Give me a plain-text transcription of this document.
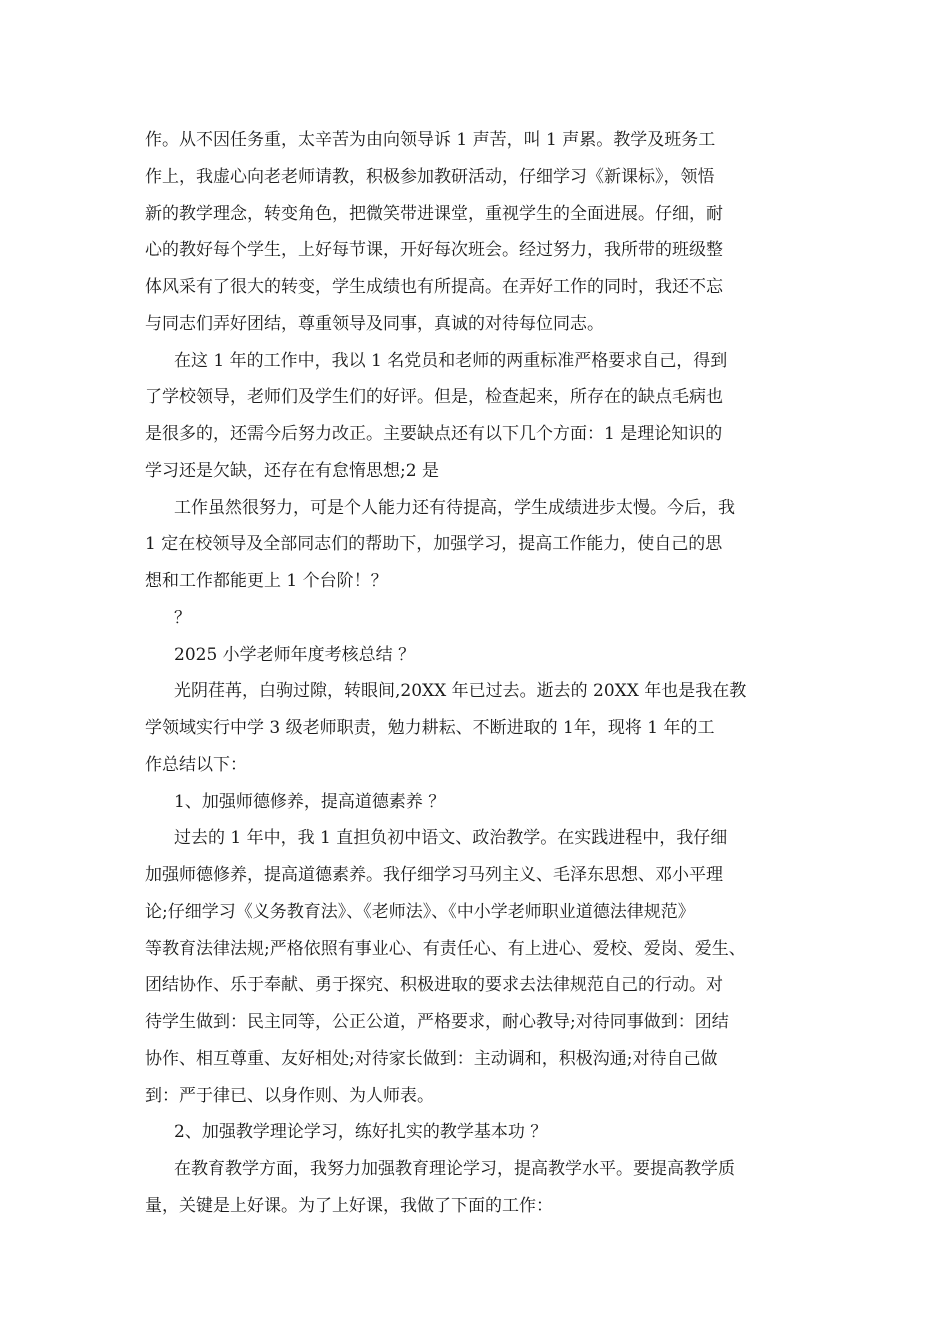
作。从不因任务重，太辛苦为由向领导诉 1 声苦，叫 1 声累。教学及班务工
作上，我虚心向老老师请教，积极参加教研活动，仔细学习《新课标》，领悟
新的教学理念，转变角色，把微笑带进课堂，重视学生的全面进展。仔细，耐
心的教好每个学生，上好每节课，开好每次班会。经过努力，我所带的班级整
体风采有了很大的转变，学生成绩也有所提高。在弄好工作的同时，我还不忘
与同志们弄好团结，尊重领导及同事，真诚的对待每位同志。
在这 1 年的工作中，我以 1 名党员和老师的两重标准严格要求自己，得到
了学校领导，老师们及学生们的好评。但是，检查起来，所存在的缺点毛病也
是很多的，还需今后努力改正。主要缺点还有以下几个方面：1 是理论知识的
学习还是欠缺，还存在有怠惰思想;2 是
工作虽然很努力，可是个人能力还有待提高，学生成绩进步太慢。今后，我
1 定在校领导及全部同志们的帮助下，加强学习，提高工作能力，使自己的思
想和工作都能更上 1 个台阶！？
？
2025 小学老师年度考核总结 ？
光阴荏苒，白驹过隙，转眼间,20XX 年已过去。逝去的 20XX 年也是我在教
学领域实行中学 3 级老师职责，勉力耕耘、不断进取的 1年，现将 1 年的工
作总结以下：
1、加强师德修养，提高道德素养 ？
过去的 1 年中，我 1 直担负初中语文、政治教学。在实践进程中，我仔细
加强师德修养，提高道德素养。我仔细学习马列主义、毛泽东思想、邓小平理
论;仔细学习《义务教育法》、《老师法》、《中小学老师职业道德法律规范》
等教育法律法规;严格依照有事业心、有责任心、有上进心、爱校、爱岗、爱生、
团结协作、乐于奉献、勇于探究、积极进取的要求去法律规范自己的行动。对
待学生做到：民主同等，公正公道，严格要求，耐心教导;对待同事做到：团结
协作、相互尊重、友好相处;对待家长做到：主动调和，积极沟通;对待自己做
到：严于律已、以身作则、为人师表。
2、加强教学理论学习，练好扎实的教学基本功 ？
在教育教学方面，我努力加强教育理论学习，提高教学水平。要提高教学质
量，关键是上好课。为了上好课，我做了下面的工作：
